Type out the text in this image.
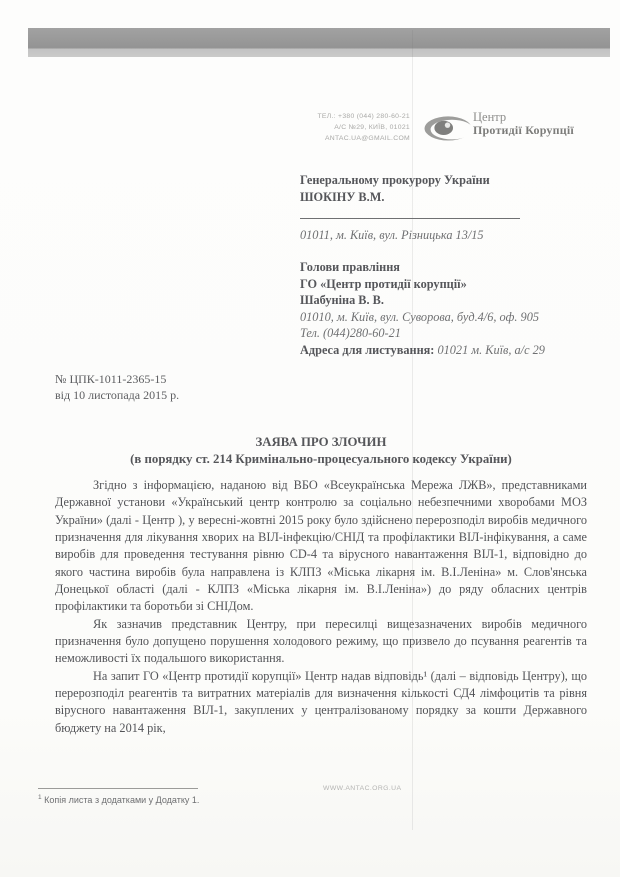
ТЕЛ.: +380 (044) 280-60-21
А/С №29, КИЇВ, 01021
ANTAC.UA@GMAIL.COM
Центр
Протидії Корупції
Генеральному прокурору України
ШОКІНУ В.М.
01011, м. Київ, вул. Різницька 13/15
Голови правління
ГО «Центр протидії корупції»
Шабуніна В. В.
01010, м. Київ, вул. Суворова, буд.4/6, оф. 905
Тел. (044)280-60-21
Адреса для листування: 01021 м. Київ, а/с 29
№ ЦПК-1011-2365-15
від 10 листопада 2015 р.
ЗАЯВА ПРО ЗЛОЧИН
(в порядку ст. 214 Кримінально-процесуального кодексу України)

Згідно з інформацією, наданою від ВБО «Всеукраїнська Мережа ЛЖВ», представниками Державної установи «Український центр контролю за соціально небезпечними хворобами МОЗ України» (далі - Центр ), у вересні-жовтні 2015 року було здійснено перерозподіл виробів медичного призначення для лікування хворих на ВІЛ-інфекцію/СНІД та профілактики ВІЛ-інфікування, а саме виробів для проведення тестування рівню CD-4 та вірусного навантаження ВІЛ-1, відповідно до якого частина виробів була направлена із КЛПЗ «Міська лікарня ім. В.І.Леніна» м. Слов'янська Донецької області (далі - КЛПЗ «Міська лікарня ім. В.І.Леніна») до ряду обласних центрів профілактики та боротьби зі СНІДом.

Як зазначив представник Центру, при пересилці вищезазначених виробів медичного призначення було допущено порушення холодового режиму, що призвело до псування реагентів та неможливості їх подальшого використання.

На запит ГО «Центр протидії корупції» Центр надав відповідь¹ (далі – відповідь Центру), що перерозподіл реагентів та витратних матеріалів для визначення кількості СД4 лімфоцитів та рівня вірусного навантаження ВІЛ-1, закуплених у централізованому порядку за кошти Державного бюджету на 2014 рік,

$^1$ Копія листа з додатками у Додатку 1.
WWW.ANTAC.ORG.UA
